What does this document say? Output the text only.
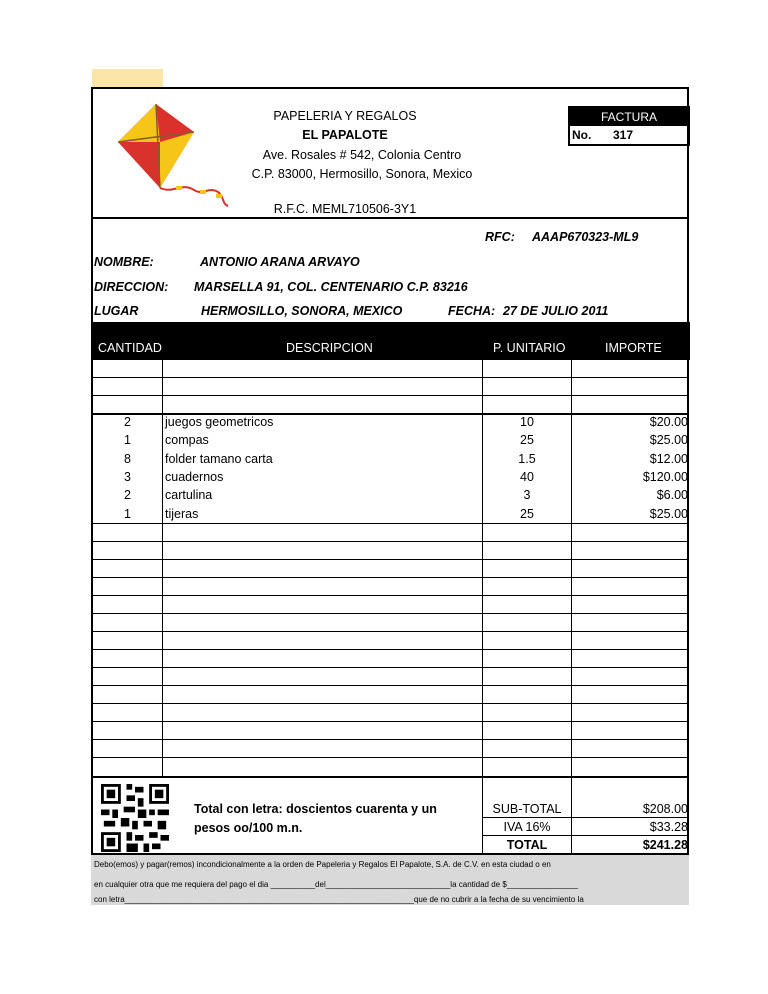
PAPELERIA Y REGALOS
EL PAPALOTE
Ave. Rosales # 542, Colonia Centro
C.P. 83000, Hermosillo, Sonora, Mexico
R.F.C. MEML710506-3Y1
FACTURA
No. 317
RFC: AAAP670323-ML9
NOMBRE:	ANTONIO ARANA ARVAYO
DIRECCION: MARSELLA 91, COL. CENTENARIO C.P. 83216
LUGAR	HERMOSILLO, SONORA, MEXICO	FECHA: 27 DE JULIO 2011
CANTIDAD	DESCRIPCION	P. UNITARIO	IMPORTE
2	juegos geometricos	10	$20.00
1	compas	25	$25.00
8	folder tamano carta	1.5	$12.00
3	cuadernos	40	$120.00
2	cartulina	3	$6.00
1	tijeras	25	$25.00
Total con letra: doscientos cuarenta y un
pesos oo/100 m.n.
SUB-TOTAL	$208.00
IVA 16%	$33.28
TOTAL	$241.28
Debo(emos) y pagar(remos) incondicionalmente a la orden de Papeleria y Regalos El Papalote, S.A. de C.V. en esta ciudad o en
en cualquier otra que me requiera del pago el dia __________del____________________________la cantidad de $________________
con letra_________________________________________________________________que de no cubrir a la fecha de su vencimiento la
